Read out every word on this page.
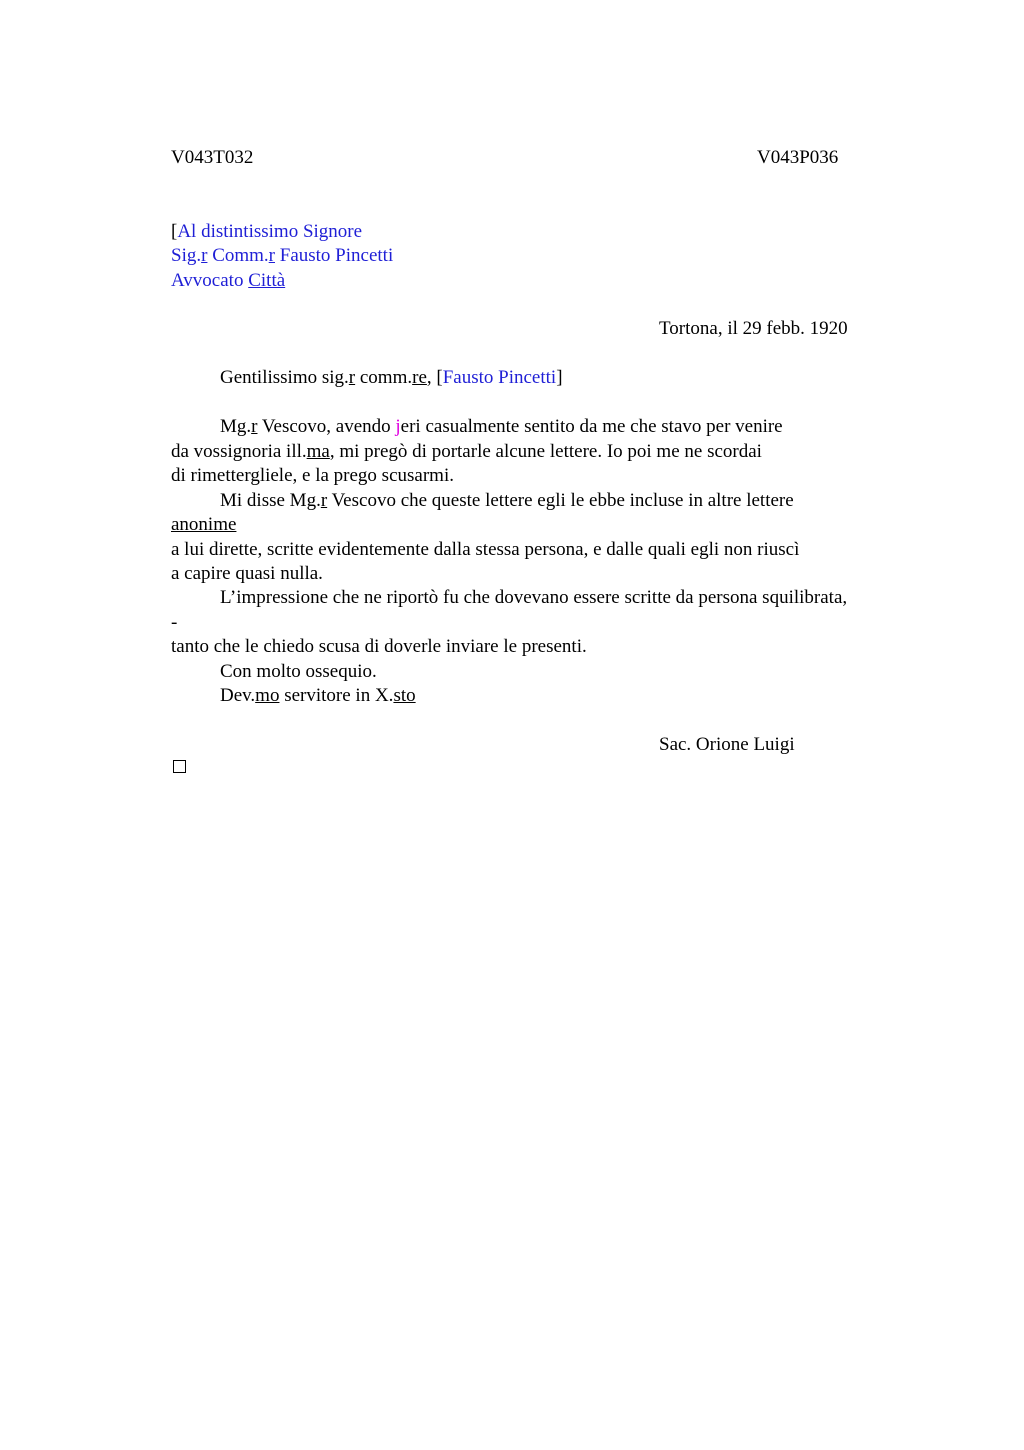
V043T032	V043P036
[Al distintissimo Signore
Sig.r Comm.r Fausto Pincetti
Avvocato Città
Tortona, il 29 febb. 1920
Gentilissimo sig.r comm.re, [Fausto Pincetti]
Mg.r Vescovo, avendo jeri casualmente sentito da me che stavo per venire
da vossignoria ill.ma, mi pregò di portarle alcune lettere. Io poi me ne scordai
di rimettergliele, e la prego scusarmi.
Mi disse Mg.r Vescovo che queste lettere egli le ebbe incluse in altre lettere
anonime
a lui dirette, scritte evidentemente dalla stessa persona, e dalle quali egli non riuscì
a capire quasi nulla.
L’impressione che ne riportò fu che dovevano essere scritte da persona squilibrata,
-
tanto che le chiedo scusa di doverle inviare le presenti.
Con molto ossequio.
Dev.mo servitore in X.sto
Sac. Orione Luigi
